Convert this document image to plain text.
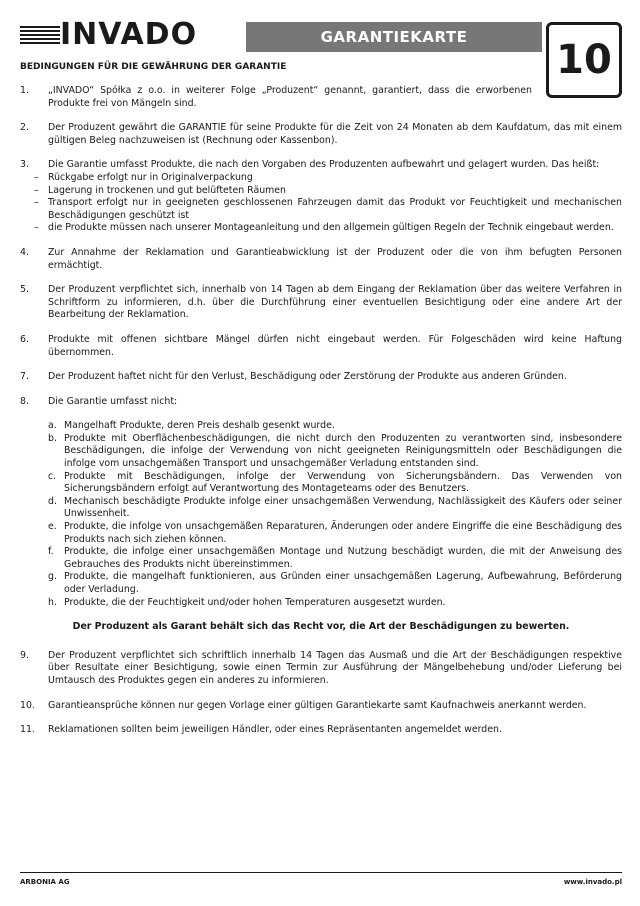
INVADO	GARANTIEKARTE	10
BEDINGUNGEN FÜR DIE GEWÄHRUNG DER GARANTIE
1. „INVADO“ Spółka z o.o. in weiterer Folge „Produzent“ genannt, garantiert, dass die erworbenen Produkte frei von Mängeln sind.
2. Der Produzent gewährt die GARANTIE für seine Produkte für die Zeit von 24 Monaten ab dem Kaufdatum, das mit einem gültigen Beleg nachzuweisen ist (Rechnung oder Kassenbon).
3. Die Garantie umfasst Produkte, die nach den Vorgaben des Produzenten aufbewahrt und gelagert wurden. Das heißt:
– Rückgabe erfolgt nur in Originalverpackung
– Lagerung in trockenen und gut belüfteten Räumen
– Transport erfolgt nur in geeigneten geschlossenen Fahrzeugen damit das Produkt vor Feuchtigkeit und mechanischen Beschädigungen geschützt ist
– die Produkte müssen nach unserer Montageanleitung und den allgemein gültigen Regeln der Technik eingebaut werden.
4. Zur Annahme der Reklamation und Garantieabwicklung ist der Produzent oder die von ihm befugten Personen ermächtigt.
5. Der Produzent verpflichtet sich, innerhalb von 14 Tagen ab dem Eingang der Reklamation über das weitere Verfahren in Schriftform zu informieren, d.h. über die Durchführung einer eventuellen Besichtigung oder eine andere Art der Bearbeitung der Reklamation.
6. Produkte mit offenen sichtbare Mängel dürfen nicht eingebaut werden. Für Folgeschäden wird keine Haftung übernommen.
7. Der Produzent haftet nicht für den Verlust, Beschädigung oder Zerstörung der Produkte aus anderen Gründen.
8. Die Garantie umfasst nicht:
a. Mangelhaft Produkte, deren Preis deshalb gesenkt wurde.
b. Produkte mit Oberflächenbeschädigungen, die nicht durch den Produzenten zu verantworten sind, insbesondere Beschädigungen, die infolge der Verwendung von nicht geeigneten Reinigungsmitteln oder Beschädigungen die infolge vom unsachgemäßen Transport und unsachgemäßer Verladung entstanden sind.
c. Produkte mit Beschädigungen, infolge der Verwendung von Sicherungsbändern. Das Verwenden von Sicherungsbändern erfolgt auf Verantwortung des Montageteams oder des Benutzers.
d. Mechanisch beschädigte Produkte infolge einer unsachgemäßen Verwendung, Nachlässigkeit des Käufers oder seiner Unwissenheit.
e. Produkte, die infolge von unsachgemäßen Reparaturen, Änderungen oder andere Eingriffe die eine Beschädigung des Produkts nach sich ziehen können.
f. Produkte, die infolge einer unsachgemäßen Montage und Nutzung beschädigt wurden, die mit der Anweisung des Gebrauches des Produkts nicht übereinstimmen.
g. Produkte, die mangelhaft funktionieren, aus Gründen einer unsachgemäßen Lagerung, Aufbewahrung, Beförderung oder Verladung.
h. Produkte, die der Feuchtigkeit und/oder hohen Temperaturen ausgesetzt wurden.
Der Produzent als Garant behält sich das Recht vor, die Art der Beschädigungen zu bewerten.
9. Der Produzent verpflichtet sich schriftlich innerhalb 14 Tagen das Ausmaß und die Art der Beschädigungen respektive über Resultate einer Besichtigung, sowie einen Termin zur Ausführung der Mängelbehebung und/oder Lieferung bei Umtausch des Produktes gegen ein anderes zu informieren.
10. Garantieansprüche können nur gegen Vorlage einer gültigen Garantiekarte samt Kaufnachweis anerkannt werden.
11. Reklamationen sollten beim jeweiligen Händler, oder eines Repräsentanten angemeldet werden.
ARBONIA AG	www.invado.pl
